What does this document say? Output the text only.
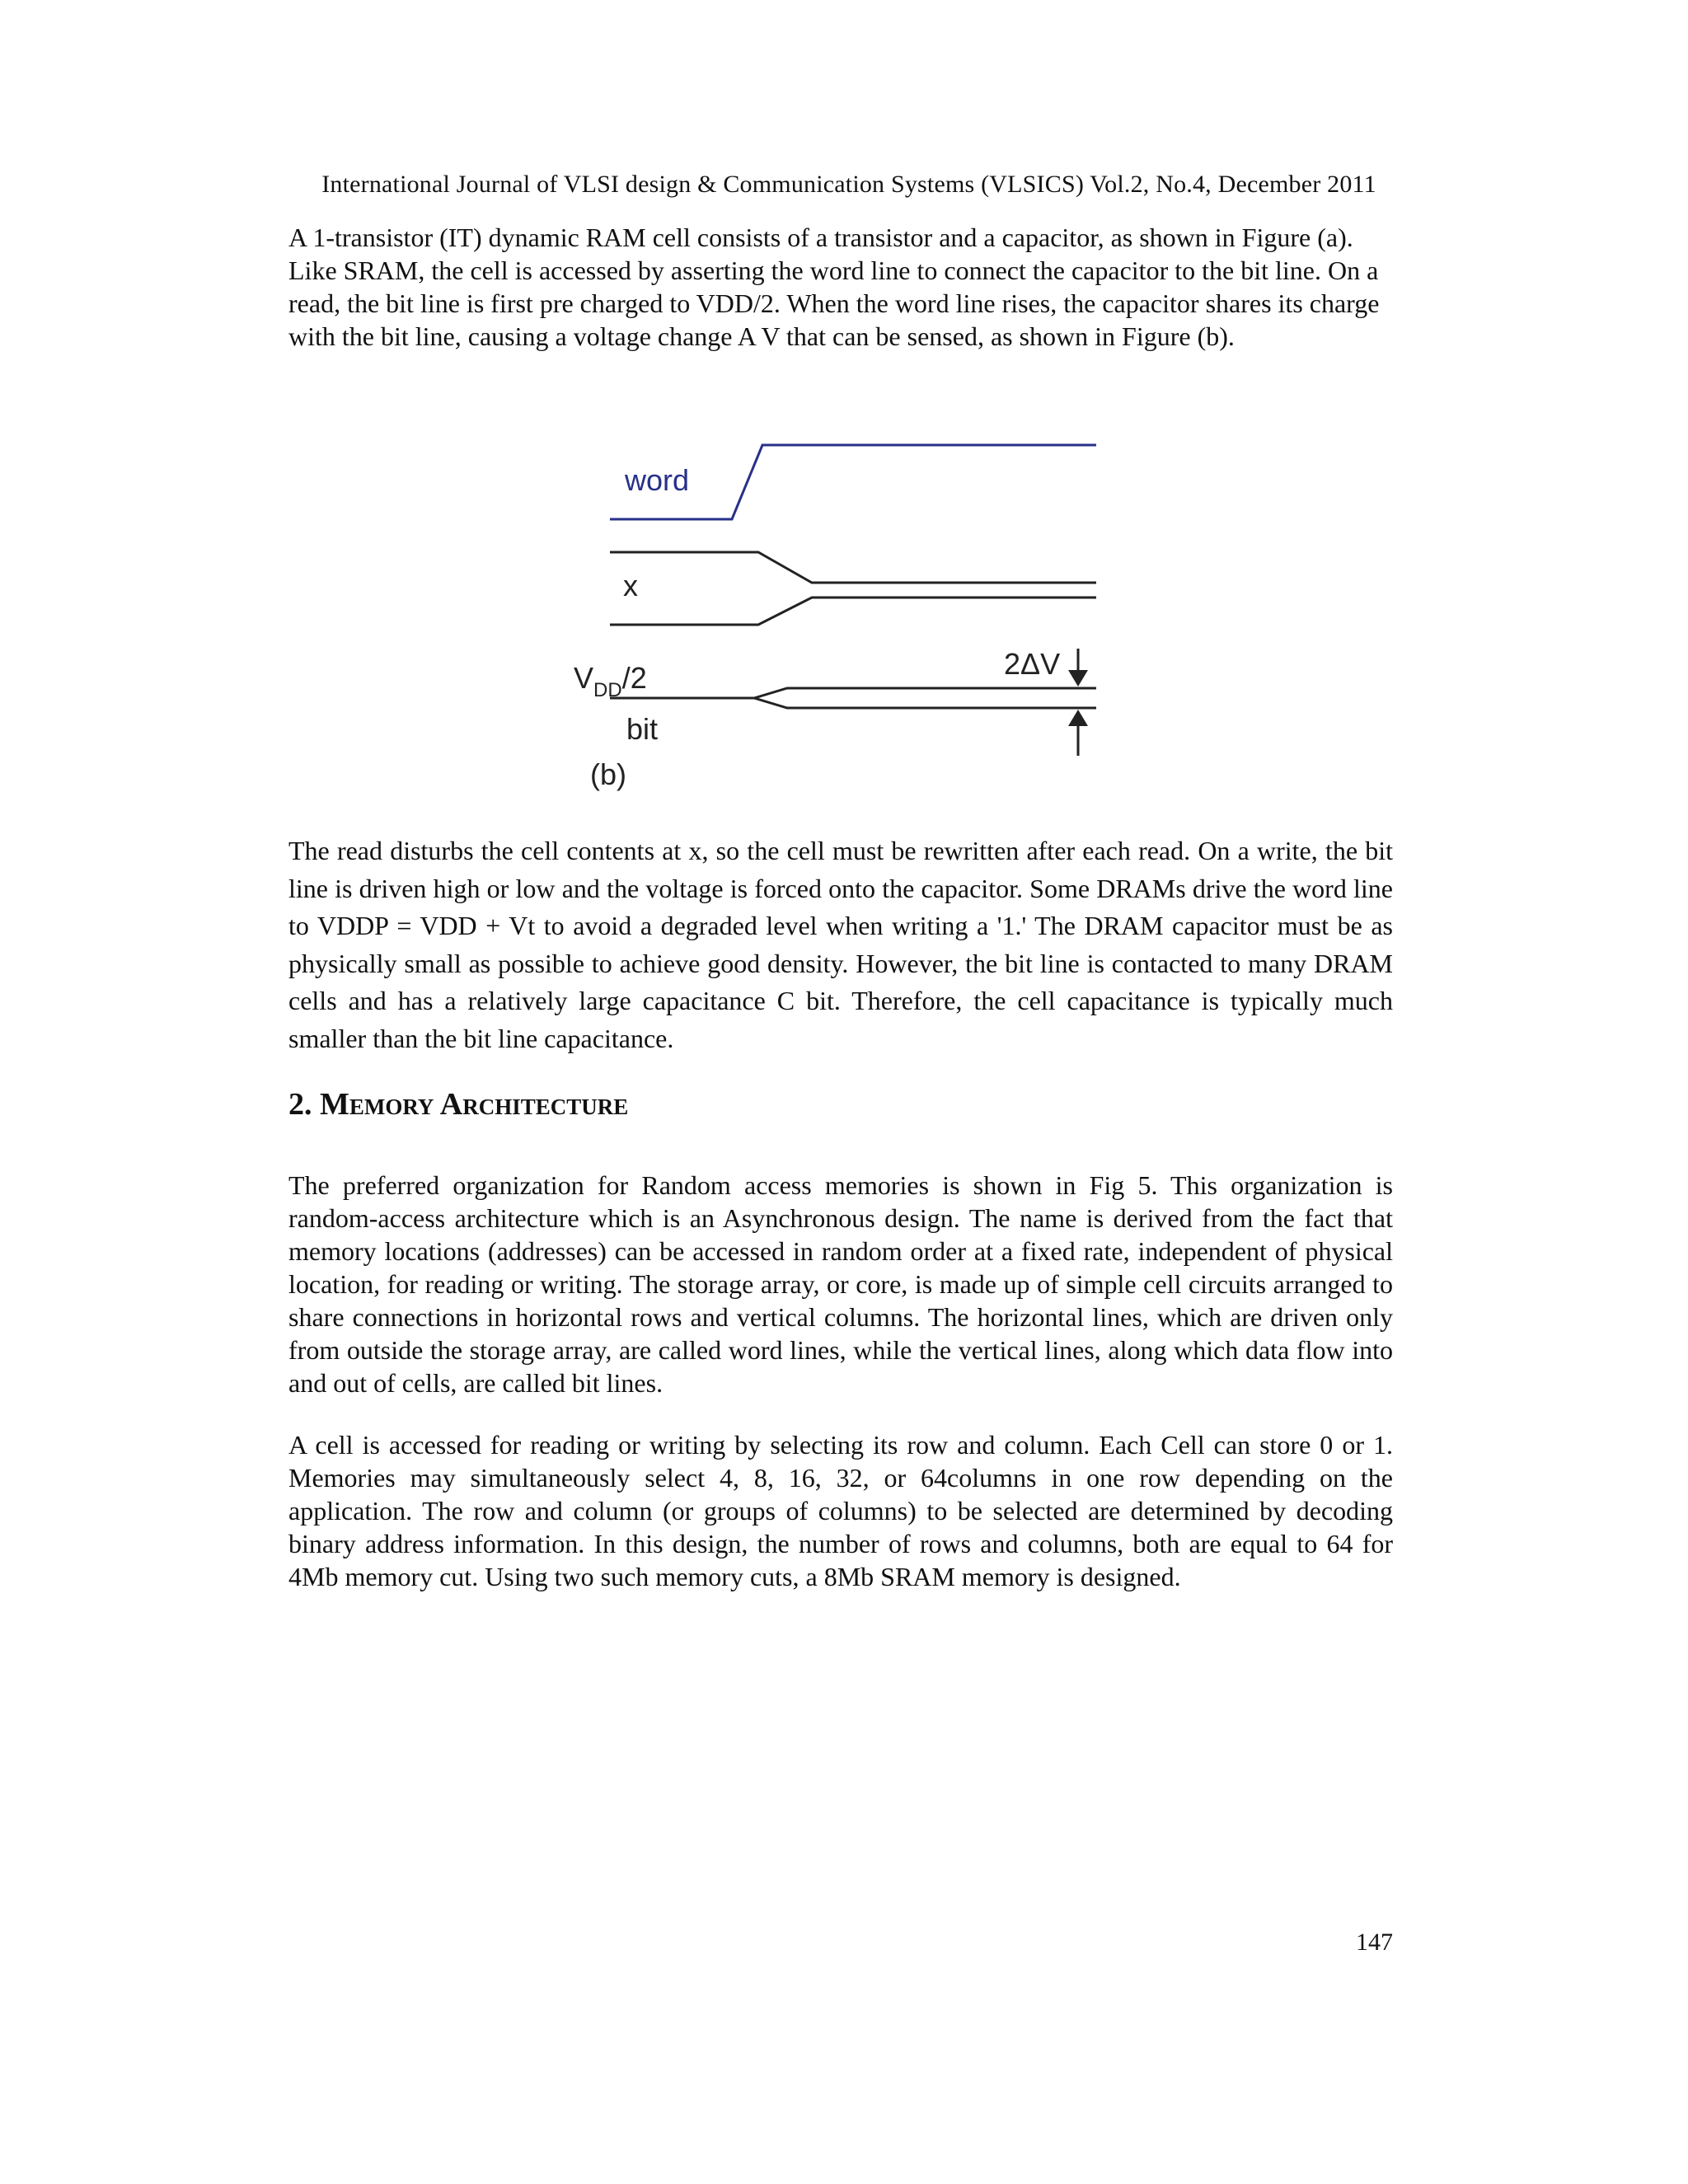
International Journal of VLSI design & Communication Systems (VLSICS) Vol.2, No.4, December 2011

A 1-transistor (IT) dynamic RAM cell consists of a transistor and a capacitor, as shown in Figure (a). Like SRAM, the cell is accessed by asserting the word line to connect the capacitor to the bit line. On a read, the bit line is first pre charged to VDD/2. When the word line rises, the capacitor shares its charge with the bit line, causing a voltage change A V that can be sensed, as shown in Figure (b).

word
x
$V_{DD}/2$
bit
2ΔV
(b)

The read disturbs the cell contents at x, so the cell must be rewritten after each read. On a write, the bit line is driven high or low and the voltage is forced onto the capacitor. Some DRAMs drive the word line to VDDP = VDD + Vt to avoid a degraded level when writing a '1.' The DRAM capacitor must be as physically small as possible to achieve good density. However, the bit line is contacted to many DRAM cells and has a relatively large capacitance C bit. Therefore, the cell capacitance is typically much smaller than the bit line capacitance.

2. Memory Architecture

The preferred organization for Random access memories is shown in Fig 5. This organization is random-access architecture which is an Asynchronous design. The name is derived from the fact that memory locations (addresses) can be accessed in random order at a fixed rate, independent of physical location, for reading or writing. The storage array, or core, is made up of simple cell circuits arranged to share connections in horizontal rows and vertical columns. The horizontal lines, which are driven only from outside the storage array, are called word lines, while the vertical lines, along which data flow into and out of cells, are called bit lines.

A cell is accessed for reading or writing by selecting its row and column. Each Cell can store 0 or 1. Memories may simultaneously select 4, 8, 16, 32, or 64columns in one row depending on the application. The row and column (or groups of columns) to be selected are determined by decoding binary address information. In this design, the number of rows and columns, both are equal to 64 for 4Mb memory cut. Using two such memory cuts, a 8Mb SRAM memory is designed.

147
